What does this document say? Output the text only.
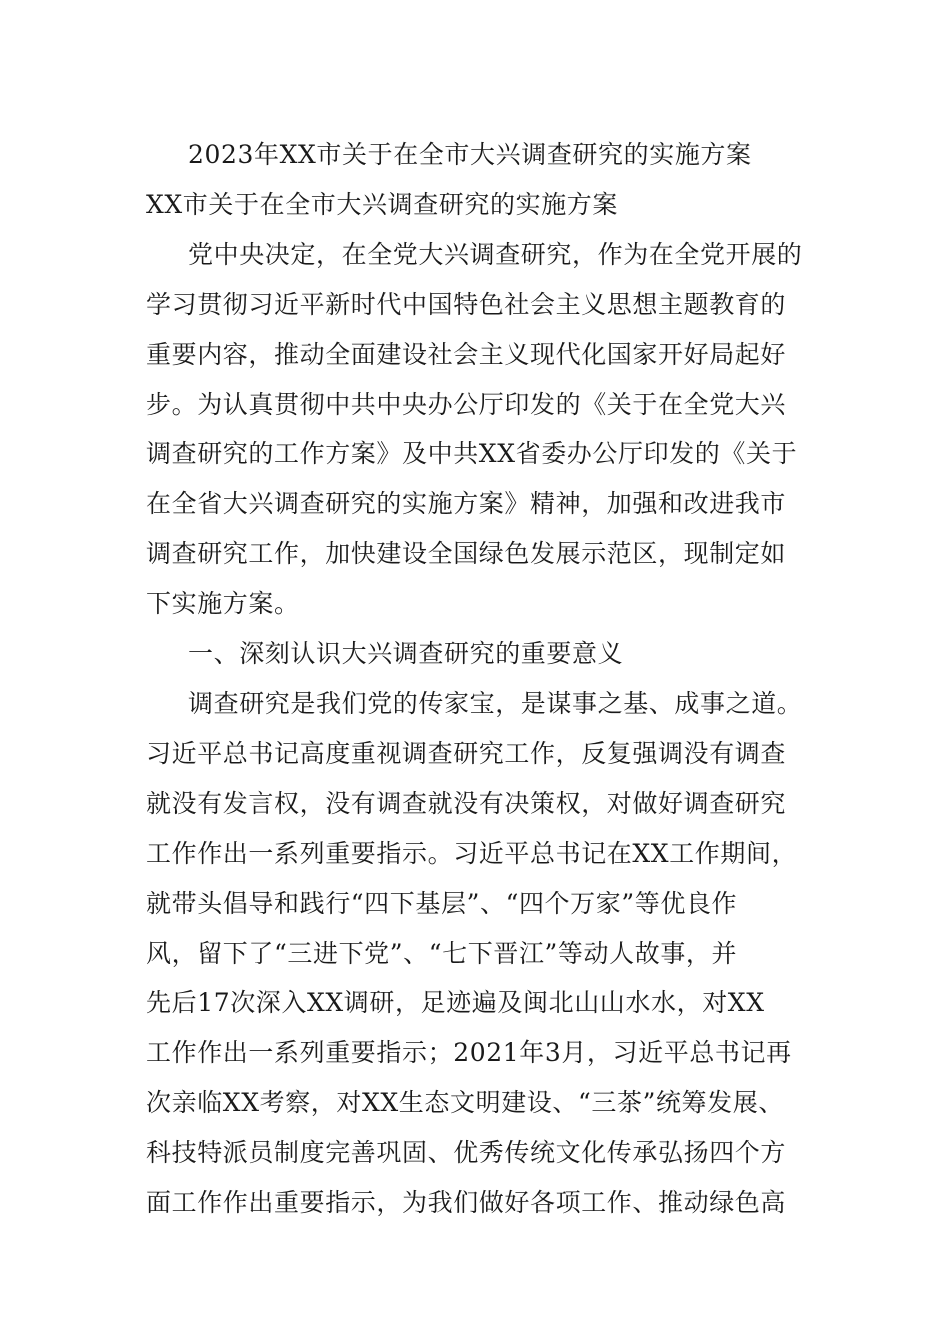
2023年XX市关于在全市大兴调查研究的实施方案
XX市关于在全市大兴调查研究的实施方案
党中央决定，在全党大兴调查研究，作为在全党开展的
学习贯彻习近平新时代中国特色社会主义思想主题教育的
重要内容，推动全面建设社会主义现代化国家开好局起好
步。为认真贯彻中共中央办公厅印发的《关于在全党大兴
调查研究的工作方案》及中共XX省委办公厅印发的《关于
在全省大兴调查研究的实施方案》精神，加强和改进我市
调查研究工作，加快建设全国绿色发展示范区，现制定如
下实施方案。
一、深刻认识大兴调查研究的重要意义
调查研究是我们党的传家宝，是谋事之基、成事之道。
习近平总书记高度重视调查研究工作，反复强调没有调查
就没有发言权，没有调查就没有决策权，对做好调查研究
工作作出一系列重要指示。习近平总书记在XX工作期间，
就带头倡导和践行“四下基层”、“四个万家”等优良作
风，留下了“三进下党”、“七下晋江”等动人故事，并
先后17次深入XX调研，足迹遍及闽北山山水水，对XX
工作作出一系列重要指示；2021年3月，习近平总书记再
次亲临XX考察，对XX生态文明建设、“三茶”统筹发展、
科技特派员制度完善巩固、优秀传统文化传承弘扬四个方
面工作作出重要指示，为我们做好各项工作、推动绿色高
